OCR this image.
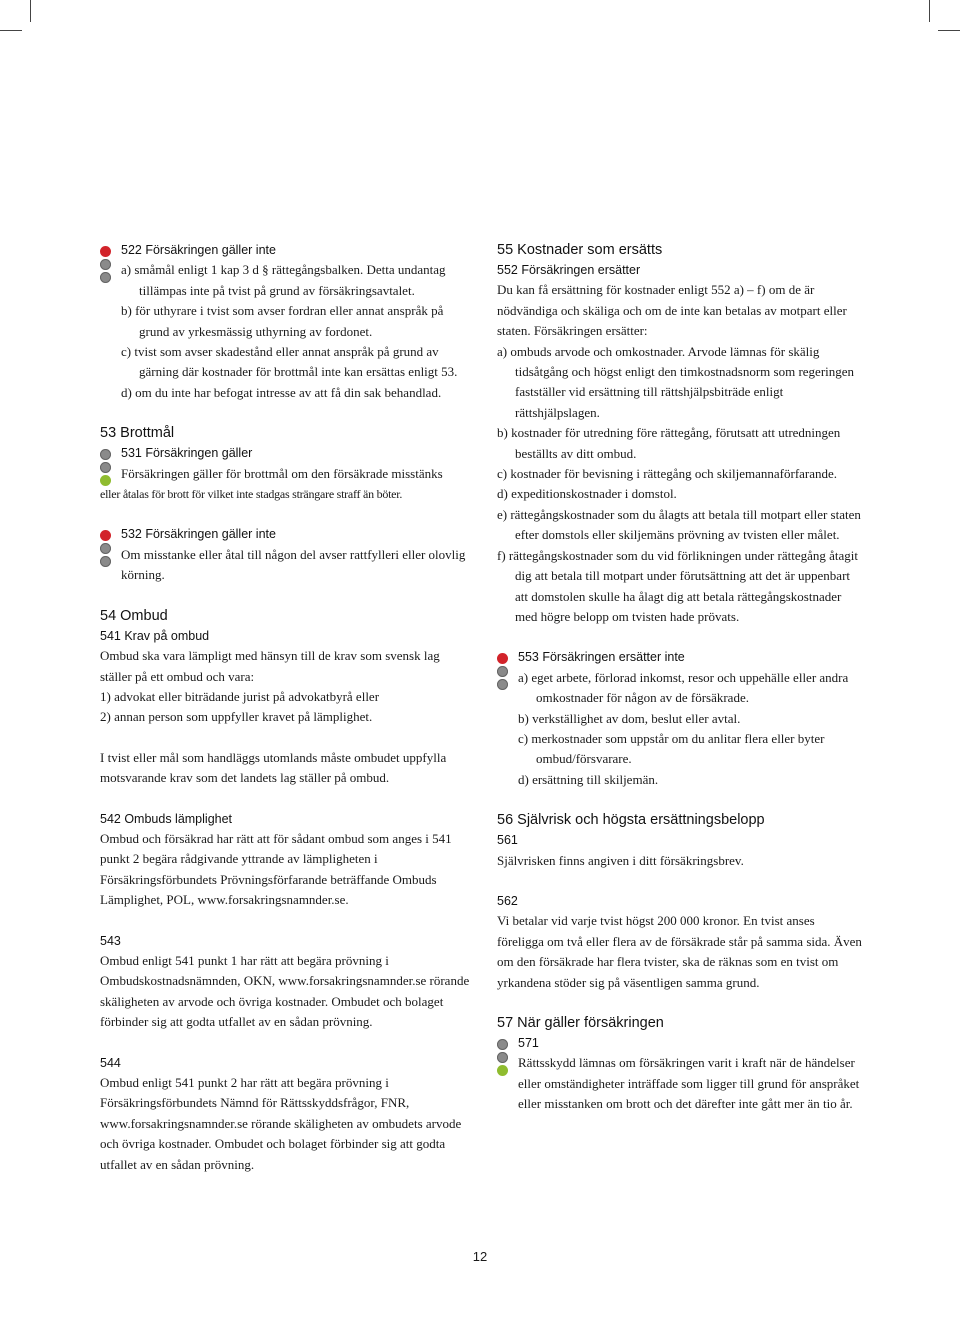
522 Försäkringen gäller inte

a) småmål enligt 1 kap 3 d § rättegångsbalken. Detta undantag tillämpas inte på tvist på grund av försäkringsavtalet.

b) för uthyrare i tvist som avser fordran eller annat anspråk på grund av yrkesmässig uthyrning av fordonet.

c) tvist som avser skadestånd eller annat anspråk på grund av gärning där kostnader för brottmål inte kan ersättas enligt 53.

d) om du inte har befogat intresse av att få din sak behandlad.

53 Brottmål

531 Försäkringen gäller

Försäkringen gäller för brottmål om den försäkrade misstänks

eller åtalas för brott för vilket inte stadgas strängare straff än böter.

532 Försäkringen gäller inte

Om misstanke eller åtal till någon del avser rattfylleri eller olovlig körning.

54 Ombud

541 Krav på ombud

Ombud ska vara lämpligt med hänsyn till de krav som svensk lag ställer på ett ombud och vara:

1) advokat eller biträdande jurist på advokatbyrå eller

2) annan person som uppfyller kravet på lämplighet.

I tvist eller mål som handläggs utomlands måste ombudet uppfylla motsvarande krav som det landets lag ställer på ombud.

542 Ombuds lämplighet

Ombud och försäkrad har rätt att för sådant ombud som anges i 541 punkt 2 begära rådgivande yttrande av lämpligheten i Försäkringsförbundets Prövningsförfarande beträffande Ombuds Lämplighet, POL, www.forsakringsnamnder.se.

543

Ombud enligt 541 punkt 1 har rätt att begära prövning i Ombudskostnadsnämnden, OKN, www.forsakringsnamnder.se rörande skäligheten av arvode och övriga kostnader. Ombudet och bolaget förbinder sig att godta utfallet av en sådan prövning.

544

Ombud enligt 541 punkt 2 har rätt att begära prövning i Försäkringsförbundets Nämnd för Rättsskyddsfrågor, FNR, www.forsakringsnamnder.se rörande skäligheten av ombudets arvode och övriga kostnader. Ombudet och bolaget förbinder sig att godta utfallet av en sådan prövning.

55 Kostnader som ersätts

552 Försäkringen ersätter

Du kan få ersättning för kostnader enligt 552 a) – f) om de är nödvändiga och skäliga och om de inte kan betalas av motpart eller staten. Försäkringen ersätter:

a) ombuds arvode och omkostnader. Arvode lämnas för skälig tidsåtgång och högst enligt den timkostnadsnorm som regeringen fastställer vid ersättning till rättshjälpsbiträde enligt rättshjälpslagen.

b) kostnader för utredning före rättegång, förutsatt att utredningen beställts av ditt ombud.

c) kostnader för bevisning i rättegång och skiljemannaförfarande.

d) expeditionskostnader i domstol.

e) rättegångskostnader som du ålagts att betala till motpart eller staten efter domstols eller skiljemäns prövning av tvisten eller målet.

f) rättegångskostnader som du vid förlikningen under rättegång åtagit dig att betala till motpart under förutsättning att det är uppenbart att domstolen skulle ha ålagt dig att betala rättegångskostnader med högre belopp om tvisten hade prövats.

553 Försäkringen ersätter inte

a) eget arbete, förlorad inkomst, resor och uppehälle eller andra omkostnader för någon av de försäkrade.

b) verkställighet av dom, beslut eller avtal.

c) merkostnader som uppstår om du anlitar flera eller byter ombud/försvarare.

d) ersättning till skiljemän.

56 Självrisk och högsta ersättningsbelopp

561

Självrisken finns angiven i ditt försäkringsbrev.

562

Vi betalar vid varje tvist högst 200 000 kronor. En tvist anses föreligga om två eller flera av de försäkrade står på samma sida. Även om den försäkrade har flera tvister, ska de räknas som en tvist om yrkandena stöder sig på väsentligen samma grund.

57 När gäller försäkringen

571

Rättsskydd lämnas om försäkringen varit i kraft när de händelser eller omständigheter inträffade som ligger till grund för anspråket eller misstanken om brott och det därefter inte gått mer än tio år.

12
